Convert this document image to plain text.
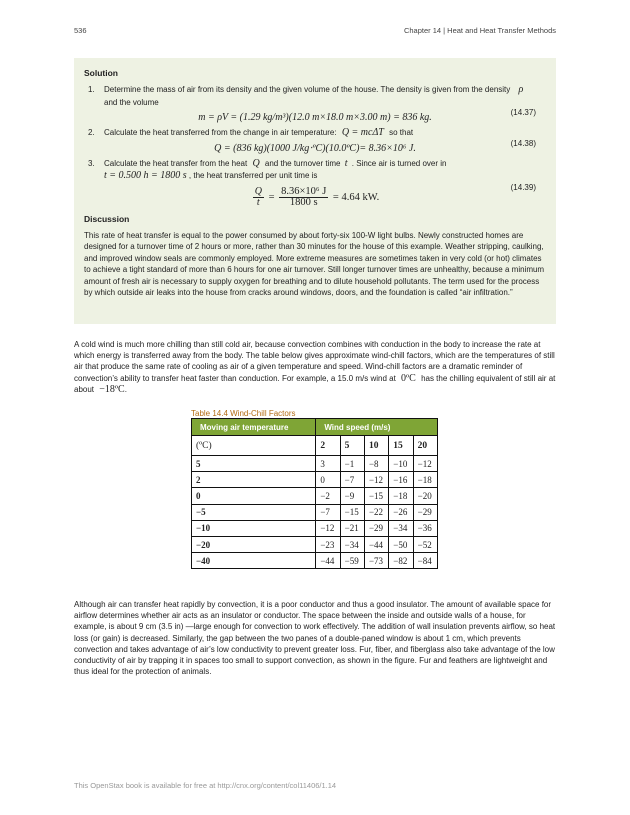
536	Chapter 14 | Heat and Heat Transfer Methods

Solution

1. Determine the mass of air from its density and the given volume of the house. The density is given from the density ρ
and the volume
m = ρV = (1.29 kg/m³)(12.0 m×18.0 m×3.00 m) = 836 kg.	(14.37)
2. Calculate the heat transferred from the change in air temperature: Q = mcΔT so that
Q = (836 kg)(1000 J/kg⋅ºC)(10.0ºC)= 8.36×10⁶ J.	(14.38)
3. Calculate the heat transfer from the heat Q and the turnover time t . Since air is turned over in
t = 0.500 h = 1800 s , the heat transferred per unit time is
$\frac{Q}{t} = \frac{\text{8.36×10⁶ J}}{1800 s} = 4.64$ kW.
(14.39)

Discussion

This rate of heat transfer is equal to the power consumed by about forty-six 100-W light bulbs. Newly constructed homes are designed for a turnover time of 2 hours or more, rather than 30 minutes for the house of this example. Weather stripping, caulking, and improved window seals are commonly employed. More extreme measures are sometimes taken in very cold (or hot) climates to achieve a tight standard of more than 6 hours for one air turnover. Still longer turnover times are unhealthy, because a minimum amount of fresh air is necessary to supply oxygen for breathing and to dilute household pollutants. The term used for the process by which outside air leaks into the house from cracks around windows, doors, and the foundation is called “air infiltration.”

A cold wind is much more chilling than still cold air, because convection combines with conduction in the body to increase the rate at which energy is transferred away from the body. The table below gives approximate wind-chill factors, which are the temperatures of still air that produce the same rate of cooling as air of a given temperature and speed. Wind-chill factors are a dramatic reminder of convection’s ability to transfer heat faster than conduction. For example, a 15.0 m/s wind at 0ºC has the chilling equivalent of still air at about −18ºC.

Table 14.4 Wind-Chill Factors
Moving air temperature	Wind speed (m/s)				
(ºC)	2	5	10	15	20
5	3	−1	−8	−10	−12
2	0	−7	−12	−16	−18
0	−2	−9	−15	−18	−20
−5	−7	−15	−22	−26	−29
−10	−12	−21	−29	−34	−36
−20	−23	−34	−44	−50	−52
−40	−44	−59	−73	−82	−84

Although air can transfer heat rapidly by convection, it is a poor conductor and thus a good insulator. The amount of available space for airflow determines whether air acts as an insulator or conductor. The space between the inside and outside walls of a house, for example, is about 9 cm (3.5 in) —large enough for convection to work effectively. The addition of wall insulation prevents airflow, so heat loss (or gain) is decreased. Similarly, the gap between the two panes of a double-paned window is about 1 cm, which prevents convection and takes advantage of air’s low conductivity to prevent greater loss. Fur, fiber, and fiberglass also take advantage of the low conductivity of air by trapping it in spaces too small to support convection, as shown in the figure. Fur and feathers are lightweight and thus ideal for the protection of animals.

This OpenStax book is available for free at http://cnx.org/content/col11406/1.14
